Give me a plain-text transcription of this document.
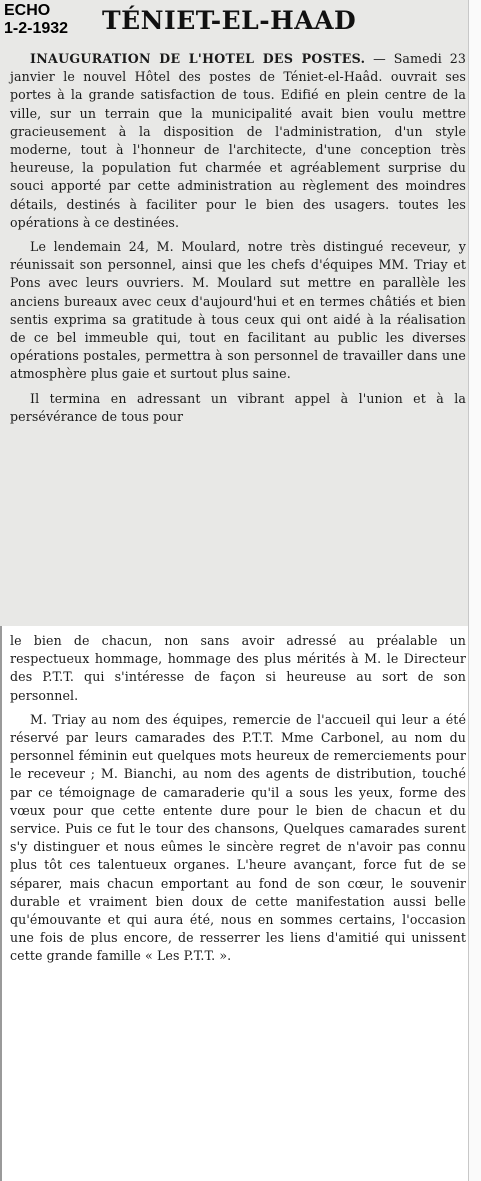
ECHO
1-2-1932 TÉNIET-EL-HAAD

INAUGURATION DE L'HOTEL DES POSTES. — Samedi 23 janvier le nouvel Hôtel des postes de Téniet-el-Haâd. ouvrait ses portes à la grande satisfaction de tous. Edifié en plein centre de la ville, sur un terrain que la municipalité avait bien voulu mettre gracieusement à la disposition de l'administration, d'un style moderne, tout à l'honneur de l'architecte, d'une conception très heureuse, la population fut charmée et agréablement surprise du souci apporté par cette administration au règlement des moindres détails, destinés à faciliter pour le bien des usagers. toutes les opérations à ce destinées.

Le lendemain 24, M. Moulard, notre très distingué receveur, y réunissait son personnel, ainsi que les chefs d'équipes MM. Triay et Pons avec leurs ouvriers. M. Moulard sut mettre en parallèle les anciens bureaux avec ceux d'aujourd'hui et en termes châtiés et bien sentis exprima sa gratitude à tous ceux qui ont aidé à la réalisation de ce bel immeuble qui, tout en facilitant au public les diverses opérations postales, permettra à son personnel de travailler dans une atmosphère plus gaie et surtout plus saine.

Il termina en adressant un vibrant appel à l'union et à la persévérance de tous pour

le bien de chacun, non sans avoir adressé au préalable un respectueux hommage, hommage des plus mérités à M. le Directeur des P.T.T. qui s'intéresse de façon si heureuse au sort de son personnel.

M. Triay au nom des équipes, remercie de l'accueil qui leur a été réservé par leurs camarades des P.T.T. Mme Carbonel, au nom du personnel féminin eut quelques mots heureux de remerciements pour le receveur ; M. Bianchi, au nom des agents de distribution, touché par ce témoignage de camaraderie qu'il a sous les yeux, forme des vœux pour que cette entente dure pour le bien de chacun et du service. Puis ce fut le tour des chansons, Quelques camarades surent s'y distinguer et nous eûmes le sincère regret de n'avoir pas connu plus tôt ces talentueux organes. L'heure avançant, force fut de se séparer, mais chacun emportant au fond de son cœur, le souvenir durable et vraiment bien doux de cette manifestation aussi belle qu'émouvante et qui aura été, nous en sommes certains, l'occasion une fois de plus encore, de resserrer les liens d'amitié qui unissent cette grande famille « Les P.T.T. ».
